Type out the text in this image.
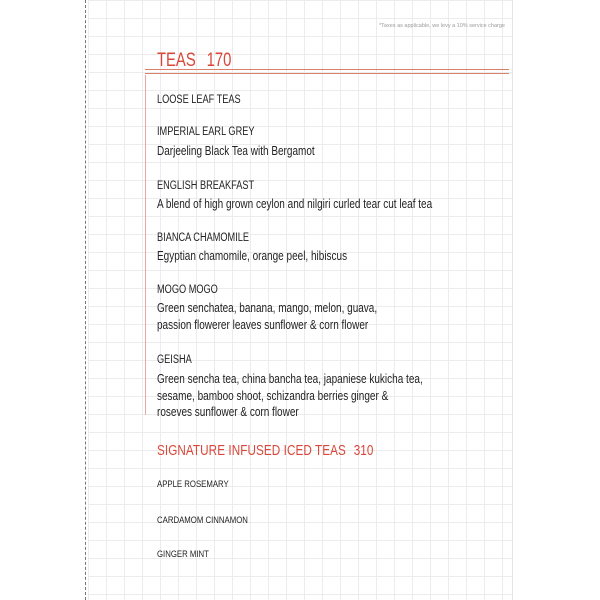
*Taxes as applicable, we levy a 10% service charge
TEAS 170
LOOSE LEAF TEAS
IMPERIAL EARL GREY
Darjeeling Black Tea with Bergamot
ENGLISH BREAKFAST
A blend of high grown ceylon and nilgiri curled tear cut leaf tea
BIANCA CHAMOMILE
Egyptian chamomile, orange peel, hibiscus
MOGO MOGO
Green senchatea, banana, mango, melon, guava,
passion flowerer leaves sunflower & corn flower
GEISHA
Green sencha tea, china bancha tea, japaniese kukicha tea,
sesame, bamboo shoot, schizandra berries ginger &
roseves sunflower & corn flower
SIGNATURE INFUSED ICED TEAS 310
APPLE ROSEMARY
CARDAMOM CINNAMON
GINGER MINT
